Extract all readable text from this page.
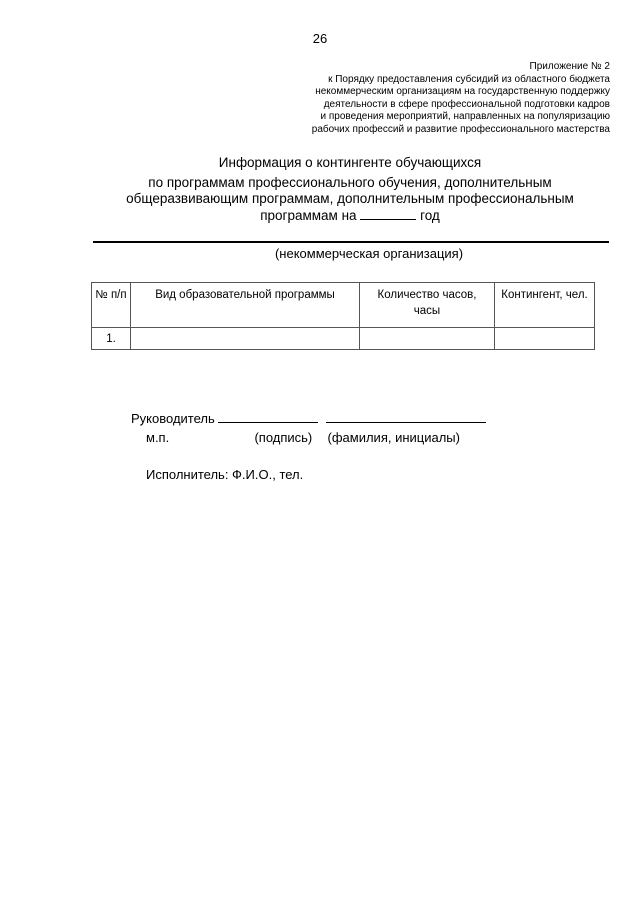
26
Приложение № 2
к Порядку предоставления субсидий из областного бюджета
некоммерческим организациям на государственную поддержку
деятельности в сфере профессиональной подготовки кадров
и проведения мероприятий, направленных на популяризацию
рабочих профессий и развитие профессионального мастерства
Информация о контингенте обучающихся
по программам профессионального обучения, дополнительным
общеразвивающим программам, дополнительным профессиональным
программам на	год
(некоммерческая организация)
№ п/п	Вид образовательной программы	Количество часов, часы	Контингент, чел.
1.			
Руководитель
м.п.	(подпись) (фамилия, инициалы)
Исполнитель: Ф.И.О., тел.
